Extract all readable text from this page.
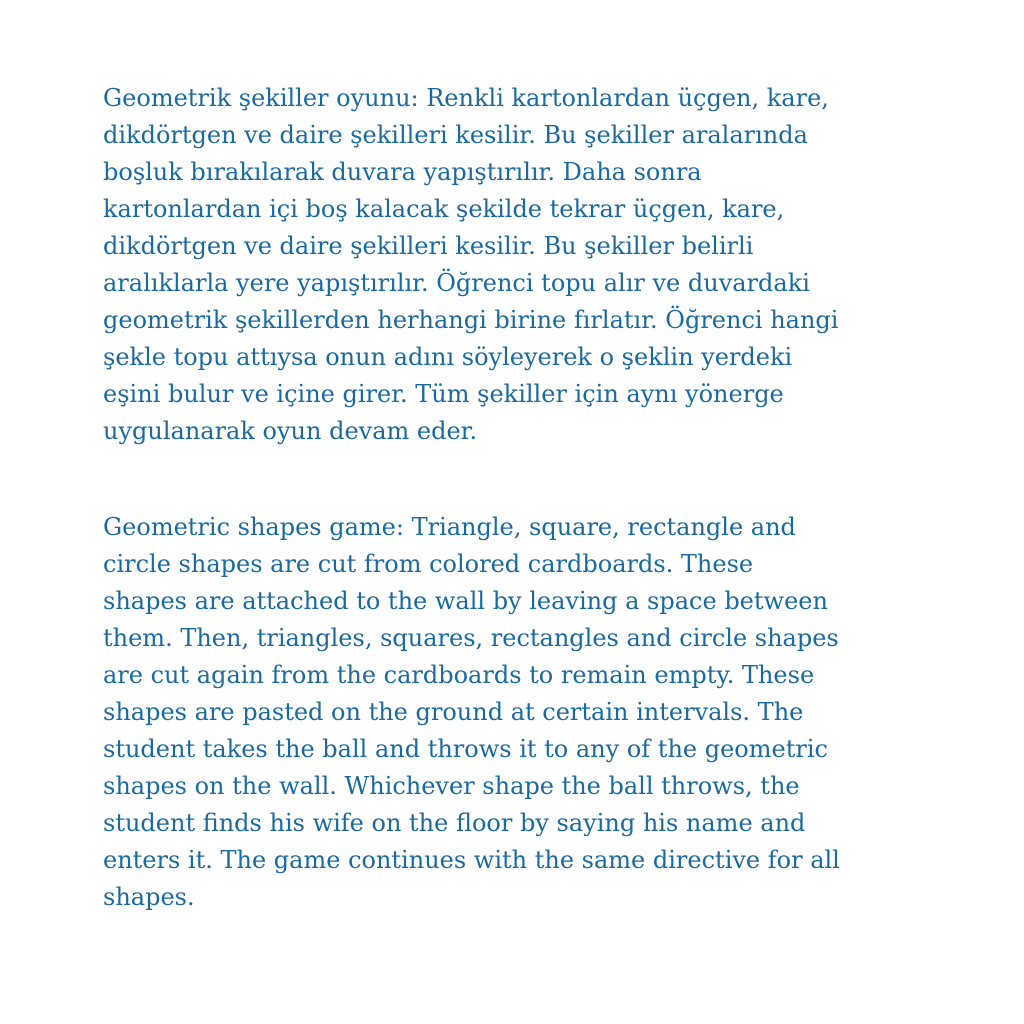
Geometrik şekiller oyunu: Renkli kartonlardan üçgen, kare,
dikdörtgen ve daire şekilleri kesilir. Bu şekiller aralarında
boşluk bırakılarak duvara yapıştırılır. Daha sonra
kartonlardan içi boş kalacak şekilde tekrar üçgen, kare,
dikdörtgen ve daire şekilleri kesilir. Bu şekiller belirli
aralıklarla yere yapıştırılır. Öğrenci topu alır ve duvardaki
geometrik şekillerden herhangi birine fırlatır. Öğrenci hangi
şekle topu attıysa onun adını söyleyerek o şeklin yerdeki
eşini bulur ve içine girer. Tüm şekiller için aynı yönerge
uygulanarak oyun devam eder.

Geometric shapes game: Triangle, square, rectangle and
circle shapes are cut from colored cardboards. These
shapes are attached to the wall by leaving a space between
them. Then, triangles, squares, rectangles and circle shapes
are cut again from the cardboards to remain empty. These
shapes are pasted on the ground at certain intervals. The
student takes the ball and throws it to any of the geometric
shapes on the wall. Whichever shape the ball throws, the
student finds his wife on the floor by saying his name and
enters it. The game continues with the same directive for all
shapes.
